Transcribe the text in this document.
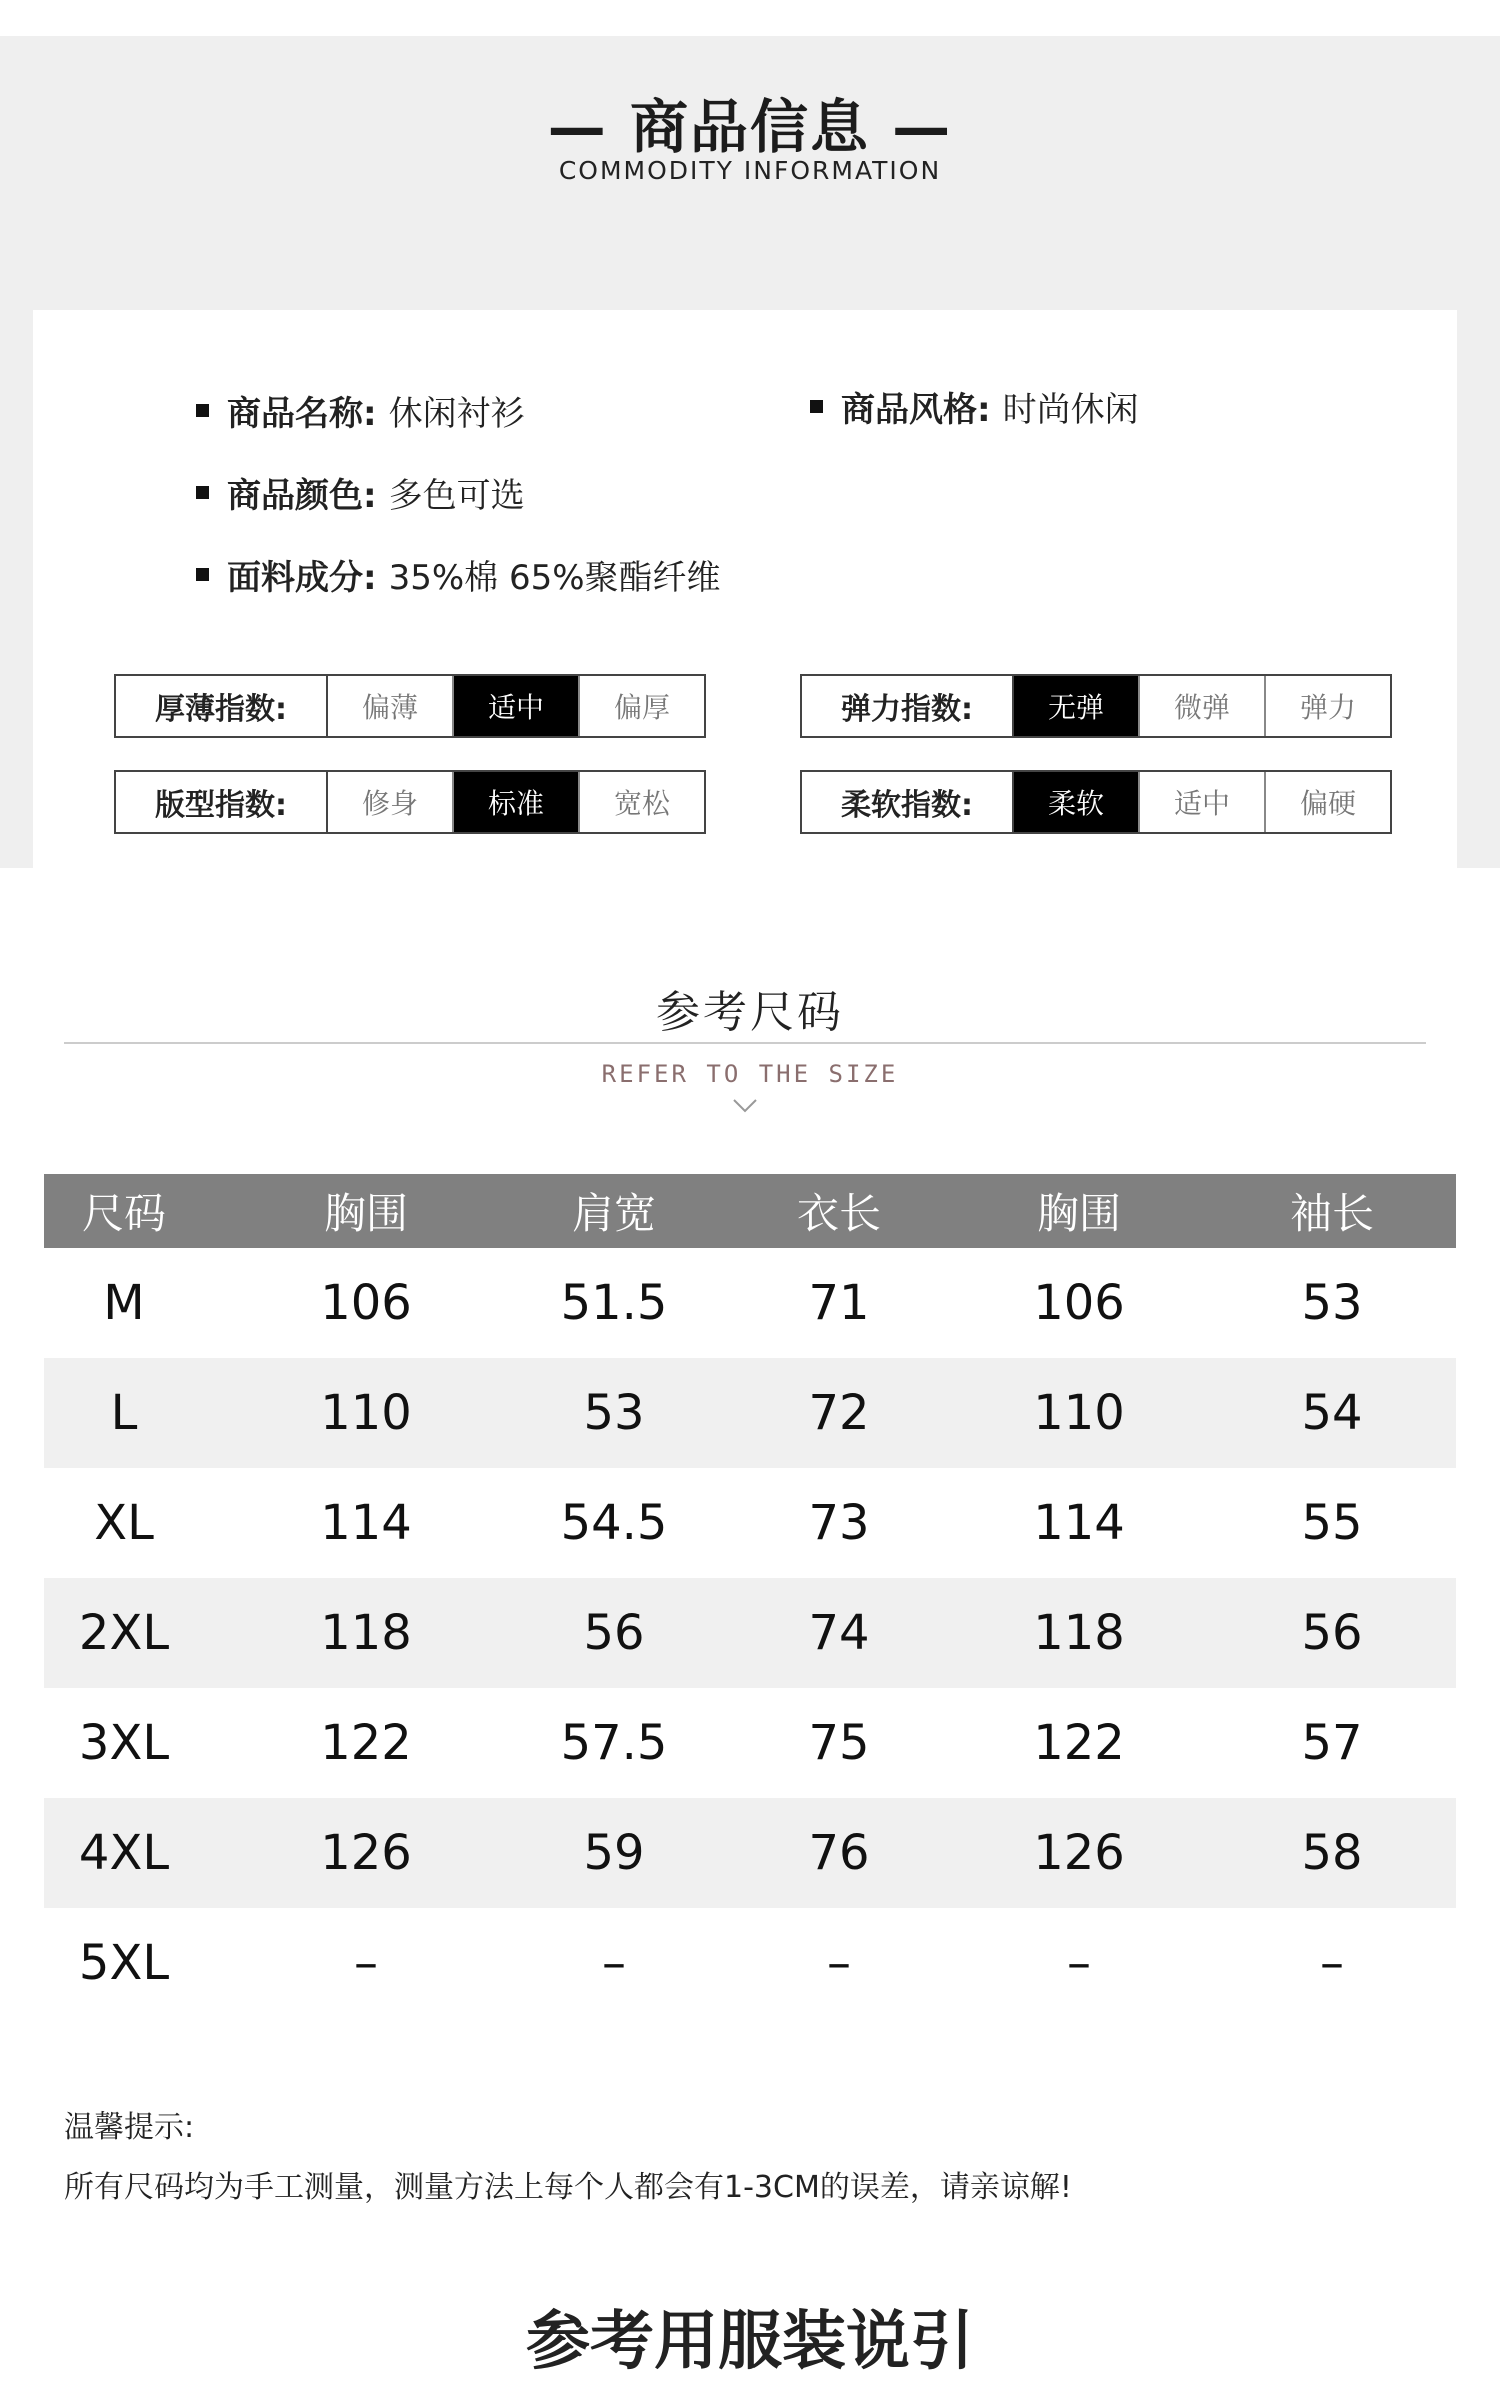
— 商品信息 —
COMMODITY INFORMATION
商品名称: 休闲衬衫	商品风格: 时尚休闲
商品颜色: 多色可选
面料成分: 35%棉 65%聚酯纤维
厚薄指数:	偏薄	适中	偏厚	弹力指数:	无弹	微弹	弹力
版型指数:	修身	标准	宽松	柔软指数:	柔软	适中	偏硬
参考尺码
REFER TO THE SIZE
尺码	胸围	肩宽	衣长	胸围	袖长
M	106	51.5	71	106	53
L	110	53	72	110	54
XL	114	54.5	73	114	55
2XL	118	56	74	118	56
3XL	122	57.5	75	122	57
4XL	126	59	76	126	58
5XL	–	–	–	–	–
温馨提示:
所有尺码均为手工测量，测量方法上每个人都会有1-3CM的误差，请亲谅解!
参考用服装说引
